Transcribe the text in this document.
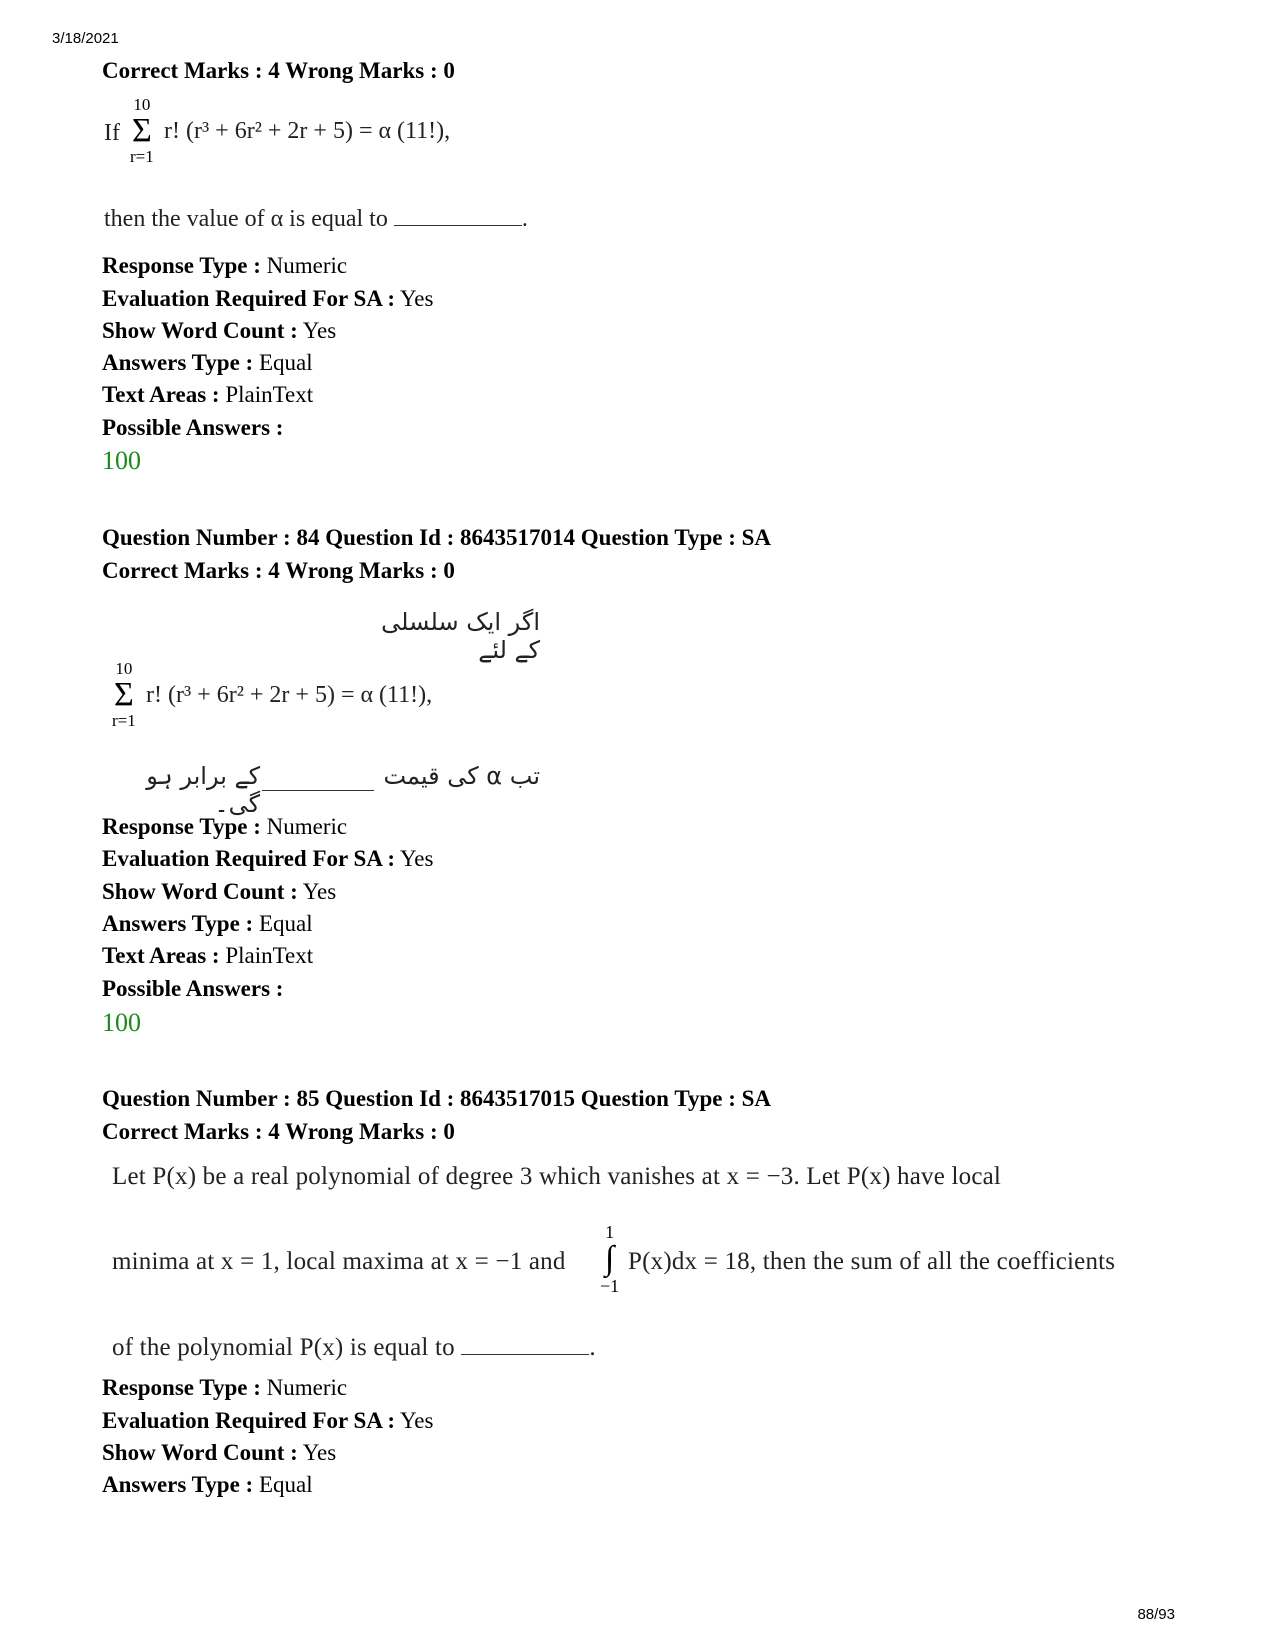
3/18/2021
Correct Marks : 4 Wrong Marks : 0
If
10
Σ
r=1
r! (r³ + 6r² + 2r + 5) = α (11!),
then the value of α is equal to	.
Response Type : Numeric
Evaluation Required For SA : Yes
Show Word Count : Yes
Answers Type : Equal
Text Areas : PlainText
Possible Answers :
100
Question Number : 84 Question Id : 8643517014 Question Type : SA
Correct Marks : 4 Wrong Marks : 0
اگر ایک سلسلی کے لئے
10
Σ
r=1
r! (r³ + 6r² + 2r + 5) = α (11!),
تب α کی قیمت
کے برابر ہو گی۔
Response Type : Numeric
Evaluation Required For SA : Yes
Show Word Count : Yes
Answers Type : Equal
Text Areas : PlainText
Possible Answers :
100
Question Number : 85 Question Id : 8643517015 Question Type : SA
Correct Marks : 4 Wrong Marks : 0
Let P(x) be a real polynomial of degree 3 which vanishes at x = −3. Let P(x) have local
minima at x = 1, local maxima at x = −1 and
1
∫
−1
P(x)dx = 18, then the sum of all the coefficients
of the polynomial P(x) is equal to	.
Response Type : Numeric
Evaluation Required For SA : Yes
Show Word Count : Yes
Answers Type : Equal
88/93
